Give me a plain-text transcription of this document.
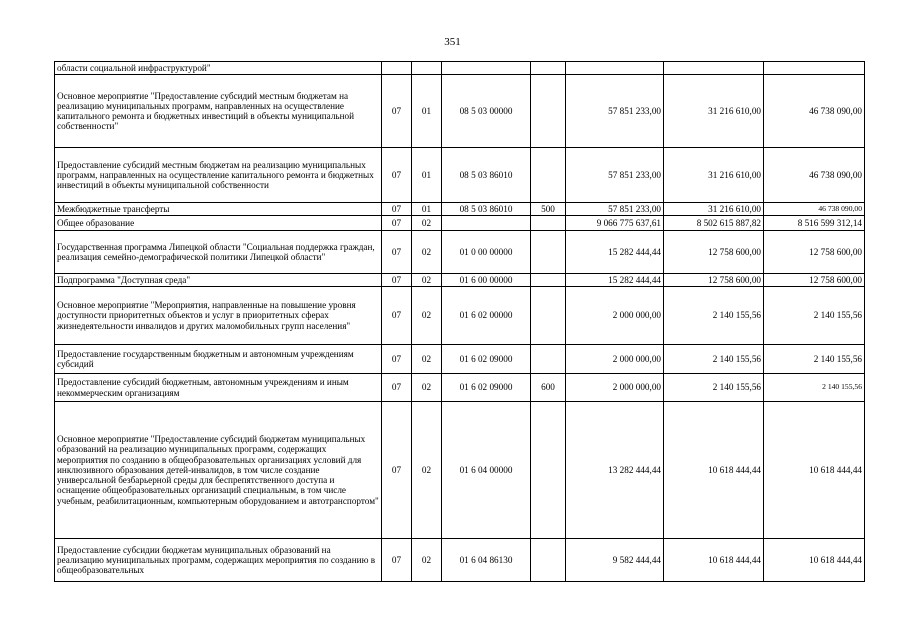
351
области социальной инфраструктурой"							
Основное мероприятие "Предоставление субсидий местным бюджетам на реализацию муниципальных программ, направленных на осуществление капитального ремонта и бюджетных инвестиций в объекты муниципальной собственности"	07	01	08 5 03 00000		57 851 233,00	31 216 610,00	46 738 090,00
Предоставление субсидий местным бюджетам на реализацию муниципальных программ, направленных на осуществление капитального ремонта и бюджетных инвестиций в объекты муниципальной собственности	07	01	08 5 03 86010		57 851 233,00	31 216 610,00	46 738 090,00
Межбюджетные трансферты	07	01	08 5 03 86010	500	57 851 233,00	31 216 610,00	46 738 090,00
Общее образование	07	02			9 066 775 637,61	8 502 615 887,82	8 516 599 312,14
Государственная программа Липецкой области "Социальная поддержка граждан, реализация семейно-демографической политики Липецкой области"	07	02	01 0 00 00000		15 282 444,44	12 758 600,00	12 758 600,00
Подпрограмма "Доступная среда"	07	02	01 6 00 00000		15 282 444,44	12 758 600,00	12 758 600,00
Основное мероприятие "Мероприятия, направленные на повышение уровня доступности приоритетных объектов и услуг в приоритетных сферах жизнедеятельности инвалидов и других маломобильных групп населения"	07	02	01 6 02 00000		2 000 000,00	2 140 155,56	2 140 155,56
Предоставление государственным бюджетным и автономным учреждениям субсидий	07	02	01 6 02 09000		2 000 000,00	2 140 155,56	2 140 155,56
Предоставление субсидий бюджетным, автономным учреждениям и иным некоммерческим организациям	07	02	01 6 02 09000	600	2 000 000,00	2 140 155,56	2 140 155,56
Основное мероприятие "Предоставление субсидий бюджетам муниципальных образований на реализацию муниципальных программ, содержащих мероприятия по созданию в общеобразовательных организациях условий для инклюзивного образования детей-инвалидов, в том числе создание универсальной безбарьерной среды для беспрепятственного доступа и оснащение общеобразовательных организаций специальным, в том числе учебным, реабилитационным, компьютерным оборудованием и автотранспортом"	07	02	01 6 04 00000		13 282 444,44	10 618 444,44	10 618 444,44
Предоставление субсидии бюджетам муниципальных образований на реализацию муниципальных программ, содержащих мероприятия по созданию в общеобразовательных	07	02	01 6 04 86130		9 582 444,44	10 618 444,44	10 618 444,44
